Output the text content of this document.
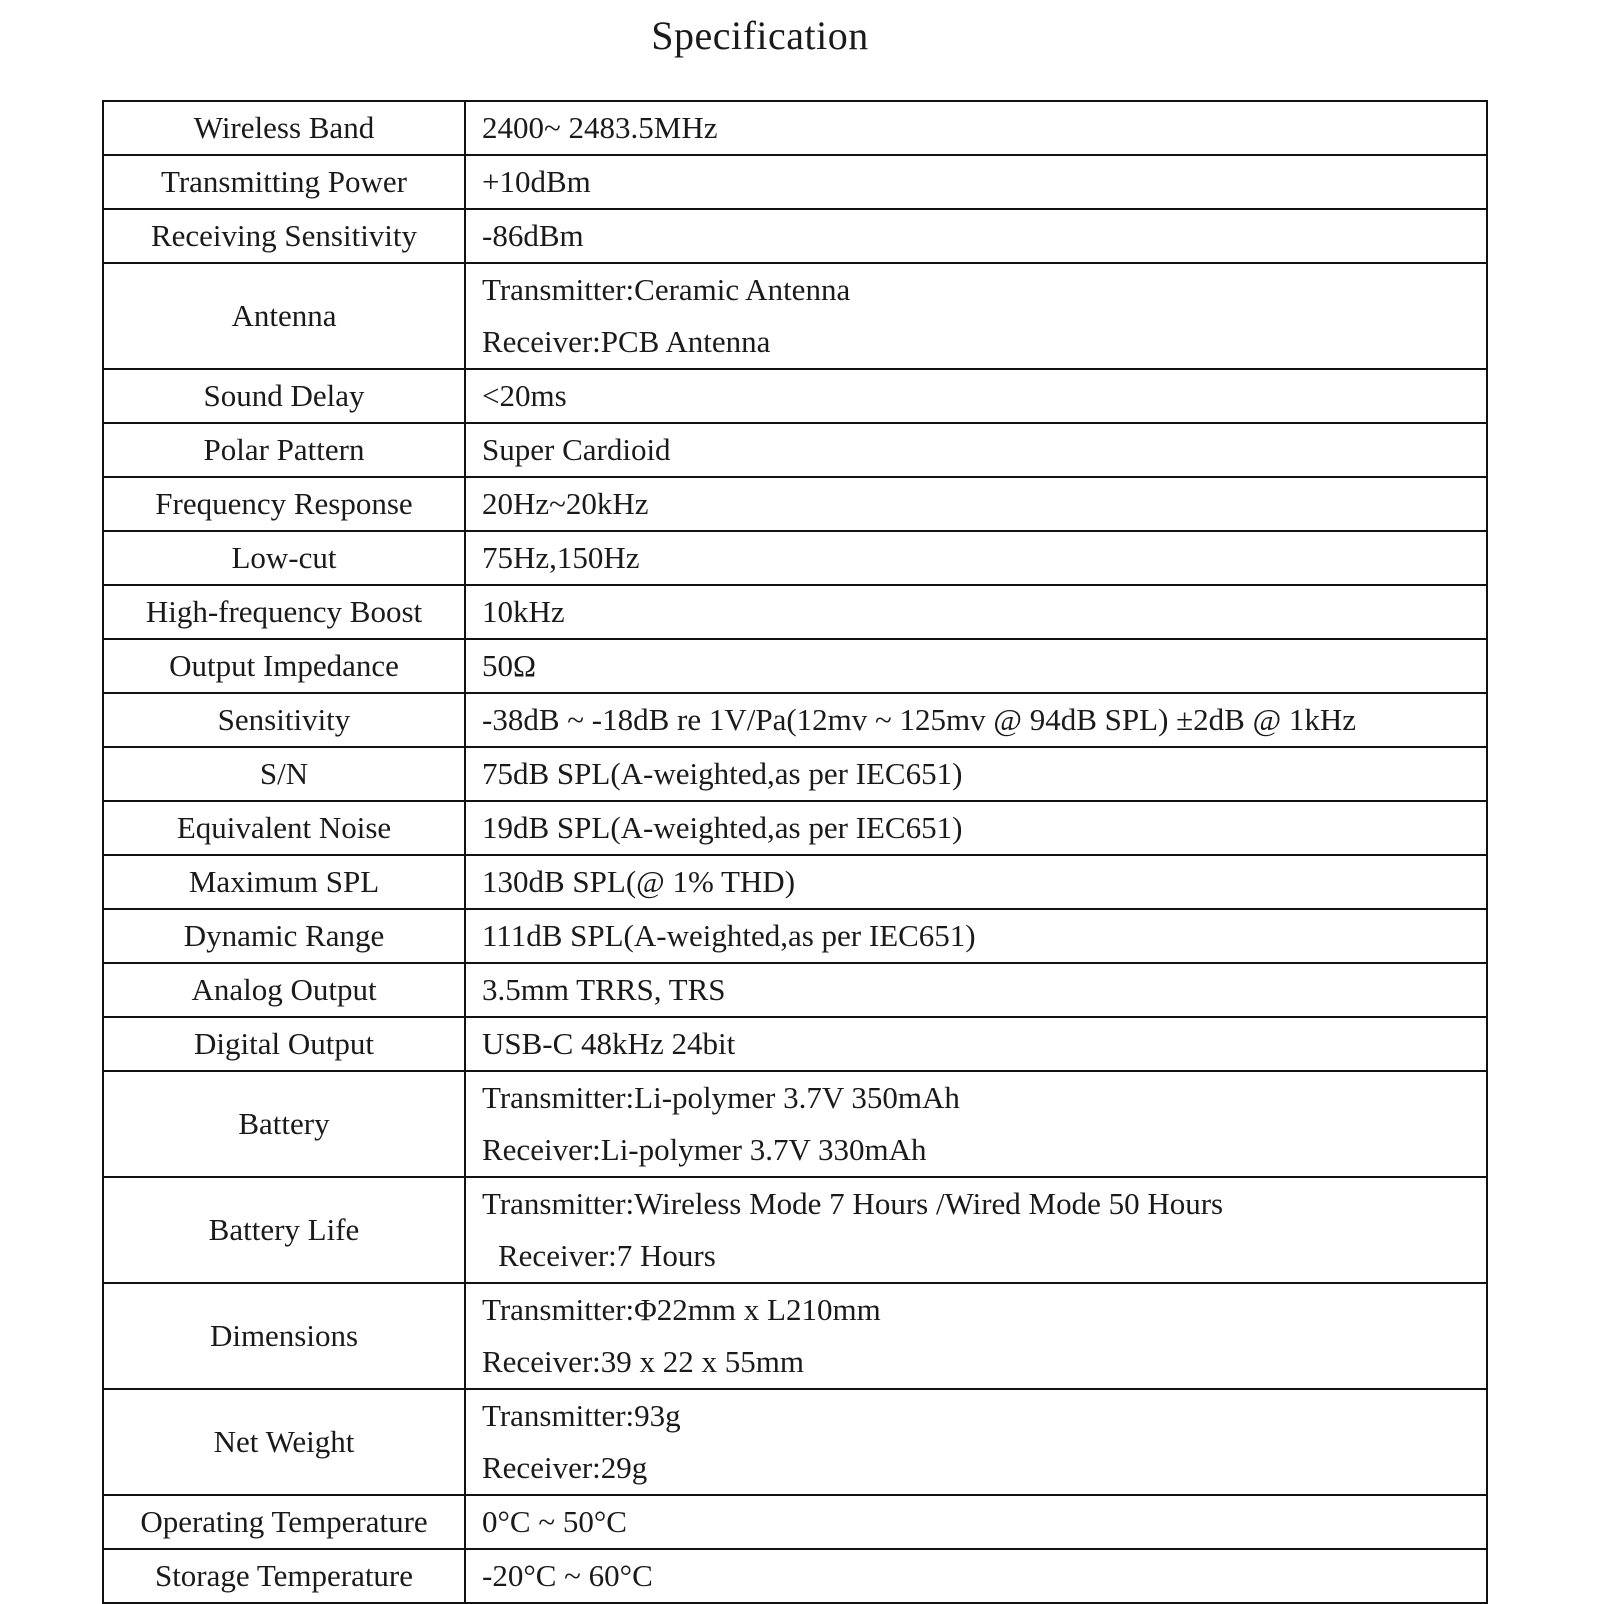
Specification
Wireless Band	2400~ 2483.5MHz

Transmitting Power	+10dBm

Receiving Sensitivity	-86dBm

Antenna	Transmitter:Ceramic Antenna
Receiver:PCB Antenna

Sound Delay	<20ms

Polar Pattern	Super Cardioid

Frequency Response	20Hz~20kHz

Low-cut	75Hz,150Hz

High-frequency Boost	10kHz

Output Impedance	50Ω

Sensitivity	-38dB ~ -18dB re 1V/Pa(12mv ~ 125mv @ 94dB SPL) ±2dB @ 1kHz

S/N	75dB SPL(A-weighted,as per IEC651)

Equivalent Noise	19dB SPL(A-weighted,as per IEC651)

Maximum SPL	130dB SPL(@ 1% THD)

Dynamic Range	111dB SPL(A-weighted,as per IEC651)

Analog Output	3.5mm TRRS, TRS

Digital Output	USB-C 48kHz 24bit

Battery	Transmitter:Li-polymer 3.7V 350mAh
Receiver:Li-polymer 3.7V 330mAh

Battery Life	Transmitter:Wireless Mode 7 Hours /Wired Mode 50 Hours
Receiver:7 Hours

Dimensions	Transmitter:Φ22mm x L210mm
Receiver:39 x 22 x 55mm

Net Weight	Transmitter:93g
Receiver:29g

Operating Temperature	0°C ~ 50°C

Storage Temperature	-20°C ~ 60°C
